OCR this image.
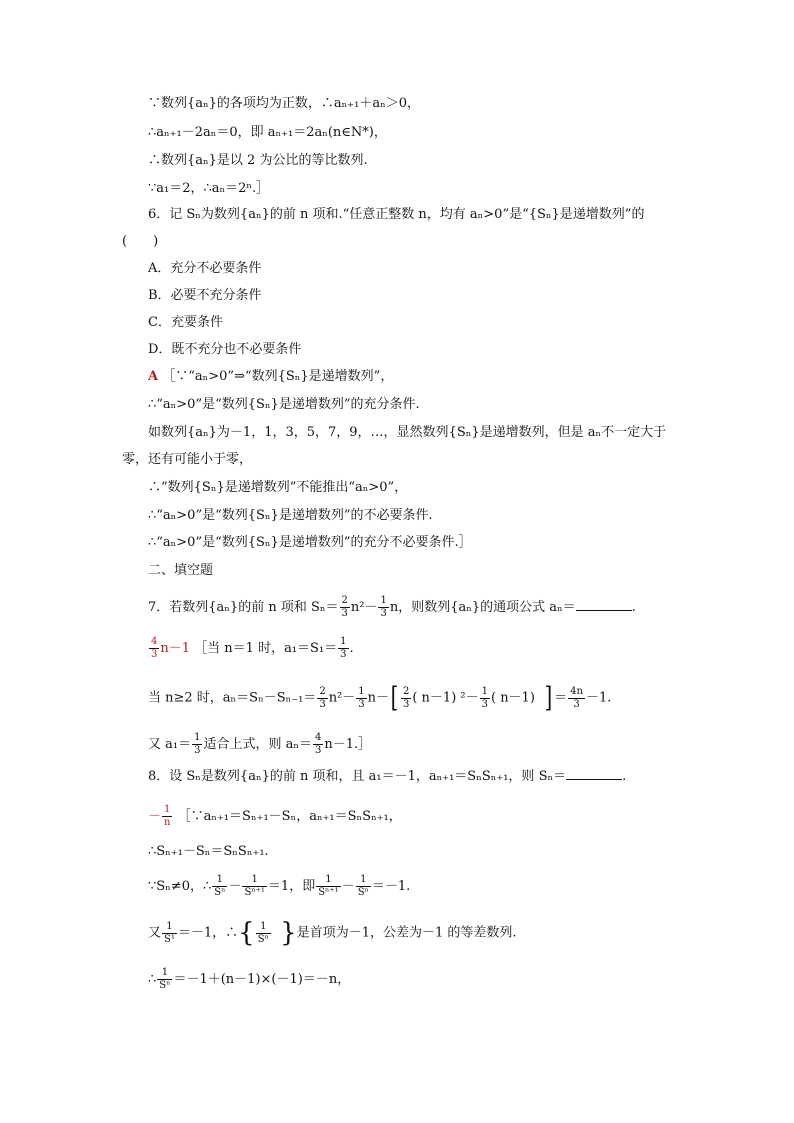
∵数列{aₙ}的各项均为正数，∴aₙ₊₁＋aₙ＞0，
∴aₙ₊₁－2aₙ＝0，即 aₙ₊₁＝2aₙ(n∈N*)，
∴数列{aₙ}是以 2 为公比的等比数列.
∵a₁＝2，∴aₙ＝2ⁿ.］
6．记 Sₙ为数列{aₙ}的前 n 项和.“任意正整数 n，均有 aₙ>0”是“{Sₙ}是递增数列”的
(　　)
A．充分不必要条件
B．必要不充分条件
C．充要条件
D．既不充分也不必要条件
A ［∵“aₙ>0”⇒“数列{Sₙ}是递增数列”，
∴“aₙ>0”是“数列{Sₙ}是递增数列”的充分条件.
如数列{aₙ}为－1，1，3，5，7，9，…，显然数列{Sₙ}是递增数列，但是 aₙ不一定大于
零，还有可能小于零，
∴“数列{Sₙ}是递增数列”不能推出“aₙ>0”，
∴“aₙ>0”是“数列{Sₙ}是递增数列”的不必要条件.
∴“aₙ>0”是“数列{Sₙ}是递增数列”的充分不必要条件.］
二、填空题
7．若数列{aₙ}的前 n 项和 $S_n= \frac{2}{3} n^2- \frac{1}{3}$ n，则数列{aₙ}的通项公式 aₙ＝	.
$\frac{4}{3} n-1$ ［当 n＝1 时，$a_1=S_1= \frac{1}{3}$ .
当 n≥2 时，$a_n=S_n-S_{n-1}= \frac{2}{3} n^2- \frac{1}{3} n-[ \frac{2}{3}$ ( n－1) $^2- \frac{1}{3}$ ( n－1) ] ＝ $\frac{4n}{3} -1$.
又 $a_1= \frac{1}{3}$ 适合上式，则 $a_n= \frac{4}{3}$ n－1.］
8．设 Sₙ是数列{aₙ}的前 n 项和，且 a₁＝－1，aₙ₊₁＝SₙSₙ₊₁，则 Sₙ＝	.
－ $\frac{1}{n}$ ［∵aₙ₊₁＝Sₙ₊₁－Sₙ，aₙ₊₁＝SₙSₙ₊₁，
∴Sₙ₊₁－Sₙ＝SₙSₙ₊₁.
∵Sₙ≠0，∴ $\frac{1}{\text{Sⁿ}} - \frac{1}{\text{Sⁿ⁺¹}} =1$，即 $\frac{1}{\text{Sⁿ⁺¹}} - \frac{1}{\text{Sⁿ}} =-1$.
又 $\frac{1}{\text{S¹}} =-1$，∴{ $\frac{1}{\text{Sⁿ}}$ }是首项为－1，公差为－1 的等差数列.
∴ $\frac{1}{\text{Sⁿ}} =-1+(n-1)\times(-1)=-n$，
